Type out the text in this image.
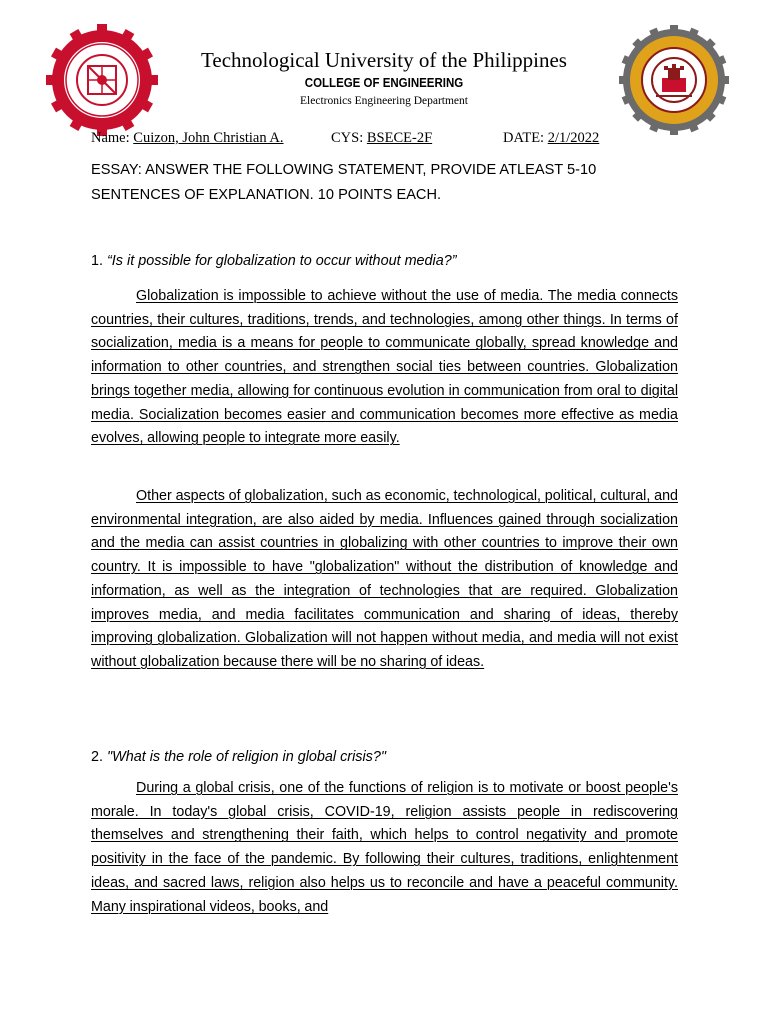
Technological University of the Philippines
COLLEGE OF ENGINEERING
Electronics Engineering Department
Name: Cuizon, John Christian A.	CYS: BSECE-2F	DATE: 2/1/2022
ESSAY: ANSWER THE FOLLOWING STATEMENT, PROVIDE ATLEAST 5-10 SENTENCES OF EXPLANATION. 10 POINTS EACH.
1. “Is it possible for globalization to occur without media?”
Globalization is impossible to achieve without the use of media. The media connects countries, their cultures, traditions, trends, and technologies, among other things. In terms of socialization, media is a means for people to communicate globally, spread knowledge and information to other countries, and strengthen social ties between countries. Globalization brings together media, allowing for continuous evolution in communication from oral to digital media. Socialization becomes easier and communication becomes more effective as media evolves, allowing people to integrate more easily.
Other aspects of globalization, such as economic, technological, political, cultural, and environmental integration, are also aided by media. Influences gained through socialization and the media can assist countries in globalizing with other countries to improve their own country. It is impossible to have "globalization" without the distribution of knowledge and information, as well as the integration of technologies that are required. Globalization improves media, and media facilitates communication and sharing of ideas, thereby improving globalization. Globalization will not happen without media, and media will not exist without globalization because there will be no sharing of ideas.
2. "What is the role of religion in global crisis?"
During a global crisis, one of the functions of religion is to motivate or boost people's morale. In today's global crisis, COVID-19, religion assists people in rediscovering themselves and strengthening their faith, which helps to control negativity and promote positivity in the face of the pandemic. By following their cultures, traditions, enlightenment ideas, and sacred laws, religion also helps us to reconcile and have a peaceful community. Many inspirational videos, books, and
